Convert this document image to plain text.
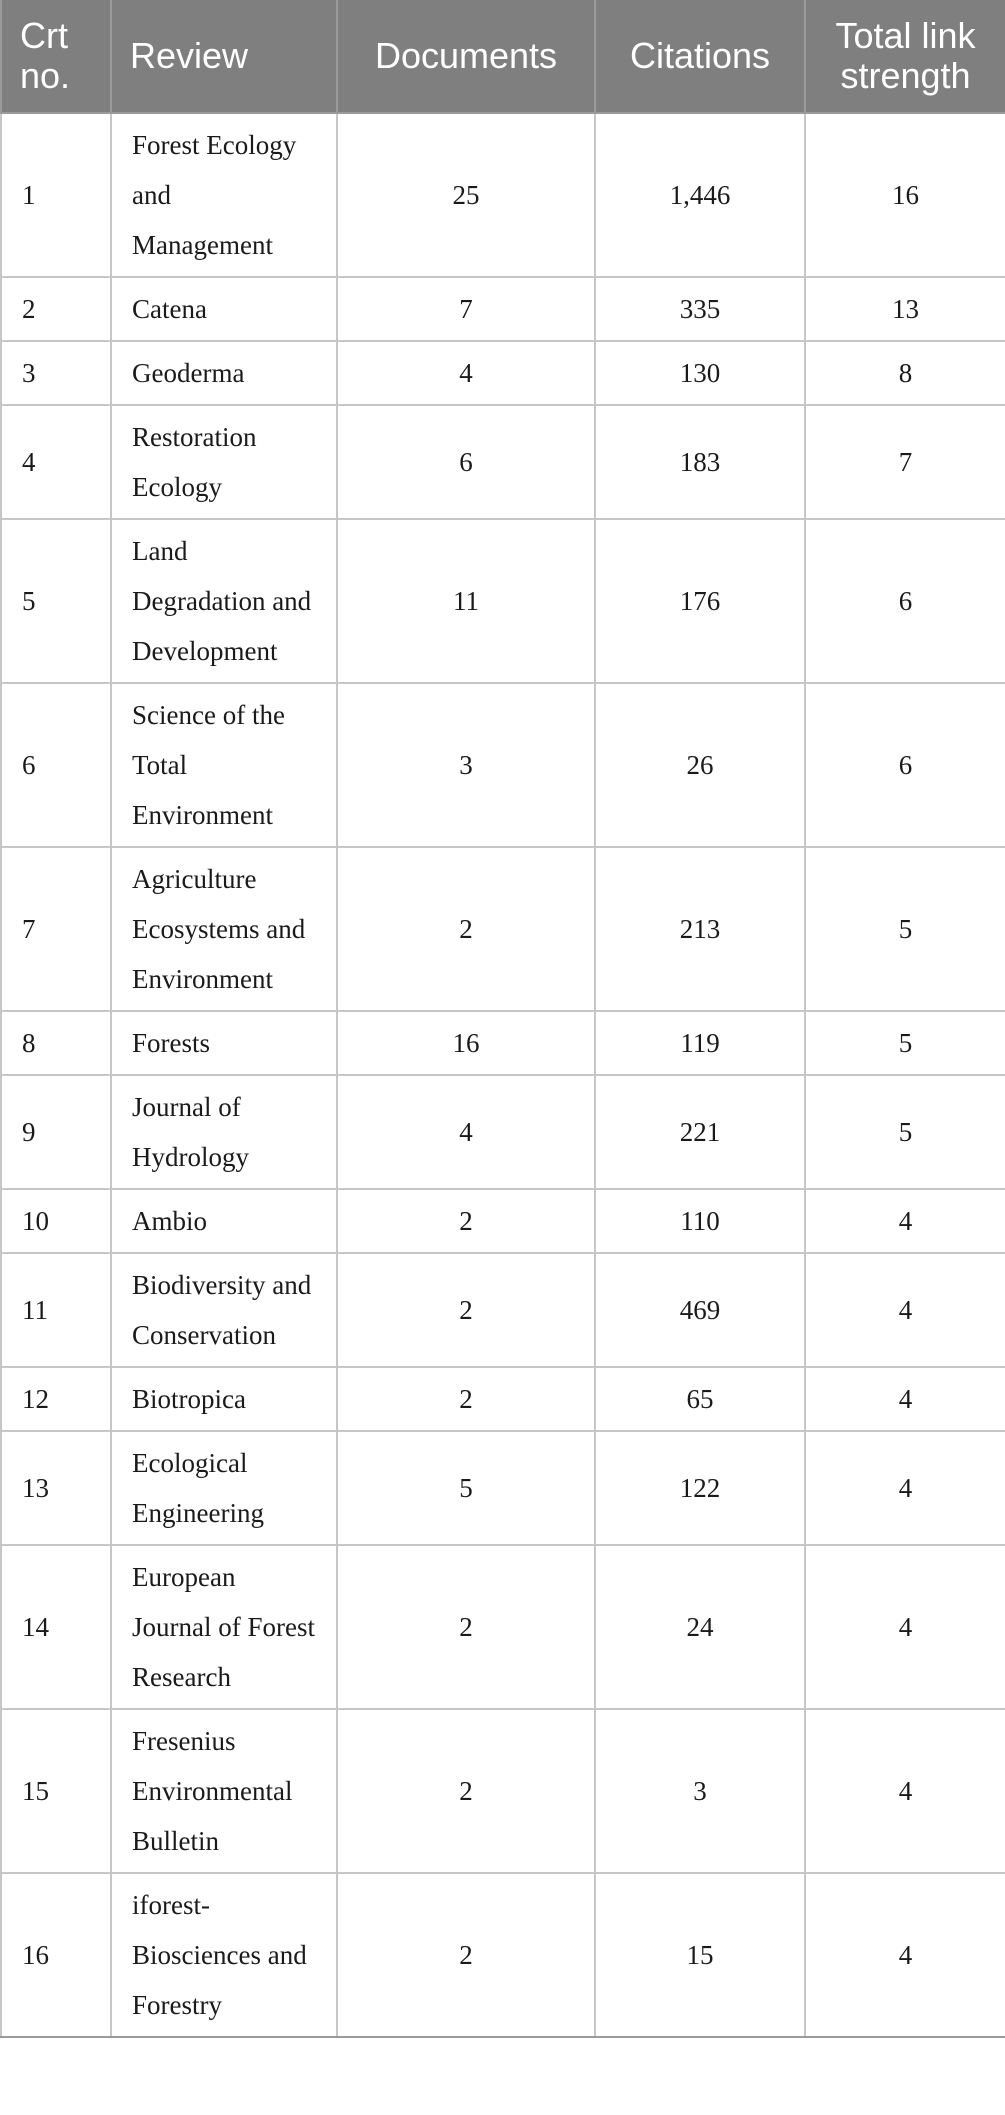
Crt no.	Review	Documents	Citations	Total link strength
1	Forest Ecology and Management	25	1,446	16
2	Catena	7	335	13
3	Geoderma	4	130	8
4	Restoration Ecology	6	183	7
5	Land Degradation and Development	11	176	6
6	Science of the Total Environment	3	26	6
7	Agriculture Ecosystems and Environment	2	213	5
8	Forests	16	119	5
9	Journal of Hydrology	4	221	5
10	Ambio	2	110	4
11	Biodiversity and Conservation	2	469	4
12	Biotropica	2	65	4
13	Ecological Engineering	5	122	4
14	European Journal of Forest Research	2	24	4
15	Fresenius Environmental Bulletin	2	3	4
16	iforest-Biosciences and Forestry	2	15	4
